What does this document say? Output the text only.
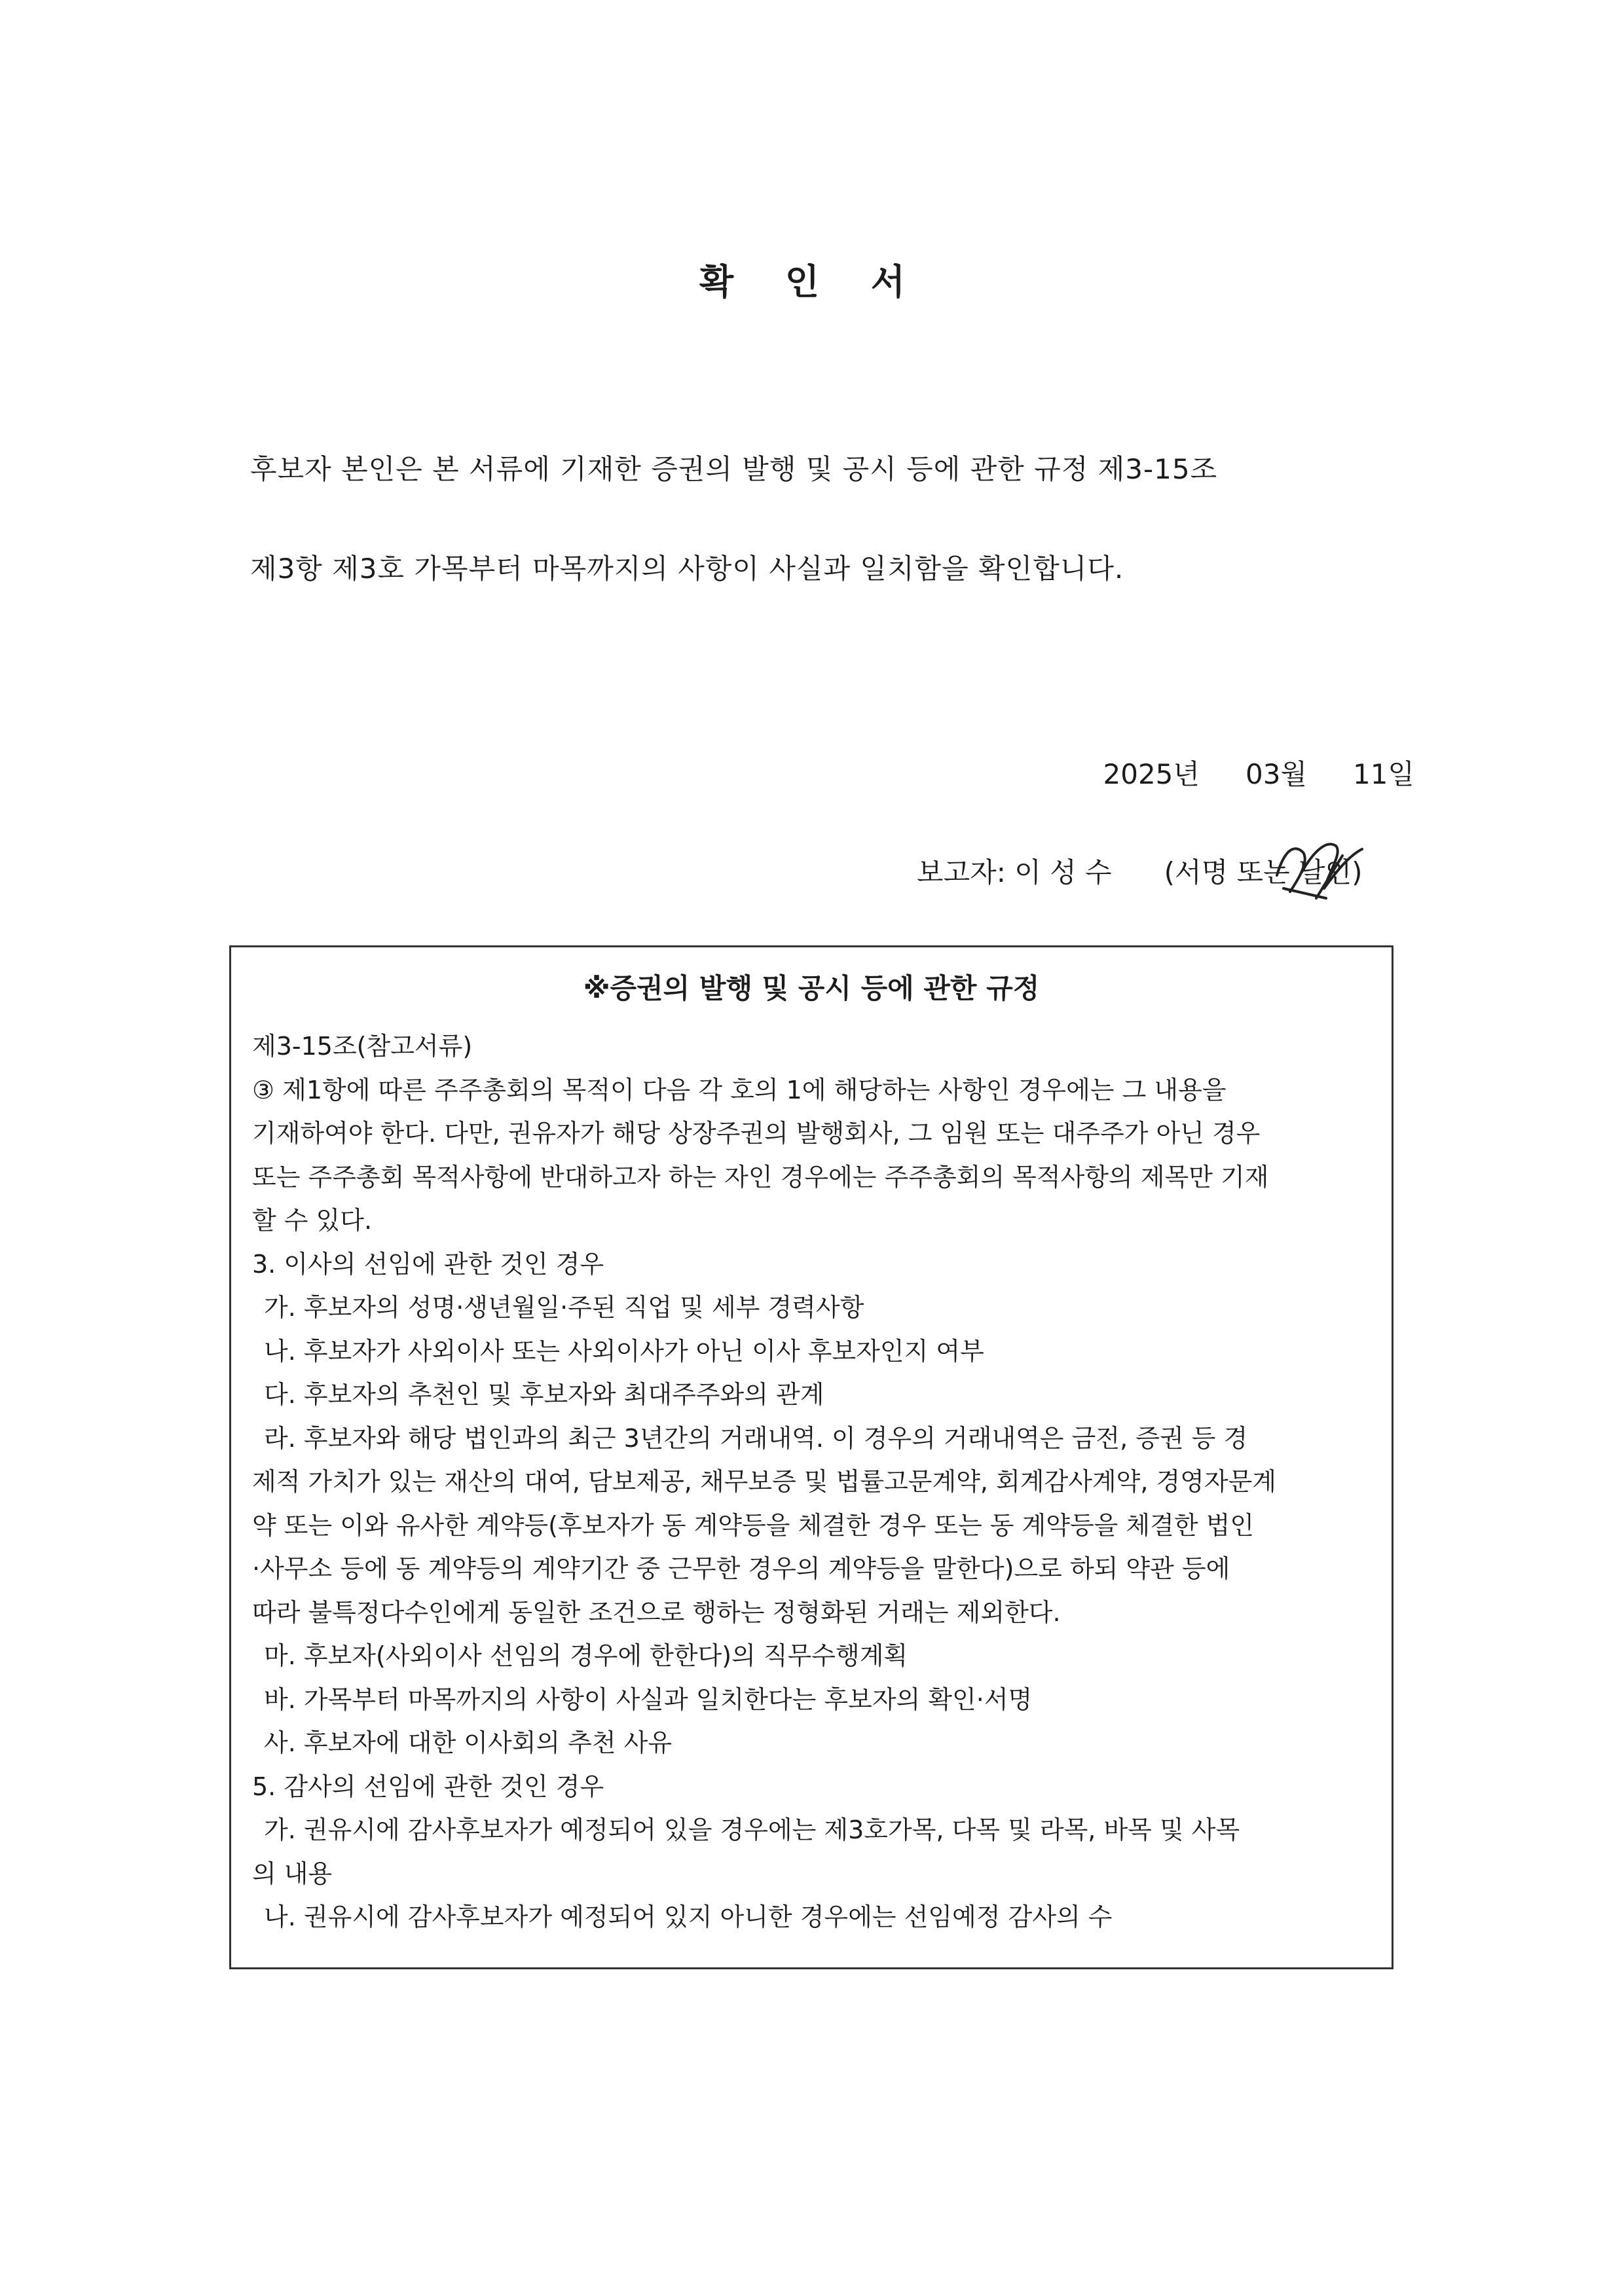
확 인 서
후보자 본인은 본 서류에 기재한 증권의 발행 및 공시 등에 관한 규정 제3-15조
제3항 제3호 가목부터 마목까지의 사항이 사실과 일치함을 확인합니다.
2025년 03월 11일
보고자: 이 성 수 (서명 또는 날인)
※증권의 발행 및 공시 등에 관한 규정
제3-15조(참고서류)
③ 제1항에 따른 주주총회의 목적이 다음 각 호의 1에 해당하는 사항인 경우에는 그 내용을
기재하여야 한다. 다만, 권유자가 해당 상장주권의 발행회사, 그 임원 또는 대주주가 아닌 경우
또는 주주총회 목적사항에 반대하고자 하는 자인 경우에는 주주총회의 목적사항의 제목만 기재
할 수 있다.
3. 이사의 선임에 관한 것인 경우
가. 후보자의 성명·생년월일·주된 직업 및 세부 경력사항
나. 후보자가 사외이사 또는 사외이사가 아닌 이사 후보자인지 여부
다. 후보자의 추천인 및 후보자와 최대주주와의 관계
라. 후보자와 해당 법인과의 최근 3년간의 거래내역. 이 경우의 거래내역은 금전, 증권 등 경
제적 가치가 있는 재산의 대여, 담보제공, 채무보증 및 법률고문계약, 회계감사계약, 경영자문계
약 또는 이와 유사한 계약등(후보자가 동 계약등을 체결한 경우 또는 동 계약등을 체결한 법인
·사무소 등에 동 계약등의 계약기간 중 근무한 경우의 계약등을 말한다)으로 하되 약관 등에
따라 불특정다수인에게 동일한 조건으로 행하는 정형화된 거래는 제외한다.
마. 후보자(사외이사 선임의 경우에 한한다)의 직무수행계획
바. 가목부터 마목까지의 사항이 사실과 일치한다는 후보자의 확인·서명
사. 후보자에 대한 이사회의 추천 사유
5. 감사의 선임에 관한 것인 경우
가. 권유시에 감사후보자가 예정되어 있을 경우에는 제3호가목, 다목 및 라목, 바목 및 사목
의 내용
나. 권유시에 감사후보자가 예정되어 있지 아니한 경우에는 선임예정 감사의 수
